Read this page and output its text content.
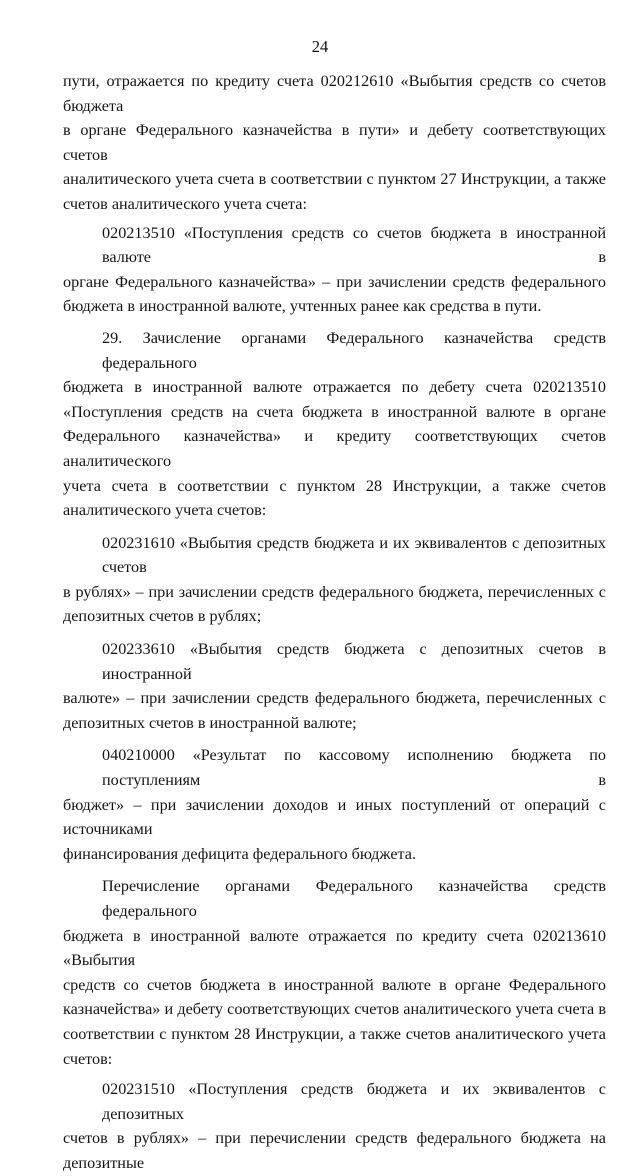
24

пути, отражается по кредиту счета 020212610 «Выбытия средств со счетов бюджета
в органе Федерального казначейства в пути» и дебету соответствующих счетов
аналитического учета счета в соответствии с пунктом 27 Инструкции, а также
счетов аналитического учета счета:

020213510 «Поступления средств со счетов бюджета в иностранной валюте в
органе Федерального казначейства» – при зачислении средств федерального
бюджета в иностранной валюте, учтенных ранее как средства в пути.

29. Зачисление органами Федерального казначейства средств федерального
бюджета в иностранной валюте отражается по дебету счета 020213510
«Поступления средств на счета бюджета в иностранной валюте в органе
Федерального казначейства» и кредиту соответствующих счетов аналитического
учета счета в соответствии с пунктом 28 Инструкции, а также счетов
аналитического учета счетов:

020231610 «Выбытия средств бюджета и их эквивалентов с депозитных счетов
в рублях» – при зачислении средств федерального бюджета, перечисленных с
депозитных счетов в рублях;

020233610 «Выбытия средств бюджета с депозитных счетов в иностранной
валюте» – при зачислении средств федерального бюджета, перечисленных с
депозитных счетов в иностранной валюте;

040210000 «Результат по кассовому исполнению бюджета по поступлениям в
бюджет» – при зачислении доходов и иных поступлений от операций с источниками
финансирования дефицита федерального бюджета.

Перечисление органами Федерального казначейства средств федерального
бюджета в иностранной валюте отражается по кредиту счета 020213610 «Выбытия
средств со счетов бюджета в иностранной валюте в органе Федерального
казначейства» и дебету соответствующих счетов аналитического учета счета в
соответствии с пунктом 28 Инструкции, а также счетов аналитического учета
счетов:

020231510 «Поступления средств бюджета и их эквивалентов с депозитных
счетов в рублях» – при перечислении средств федерального бюджета на депозитные
